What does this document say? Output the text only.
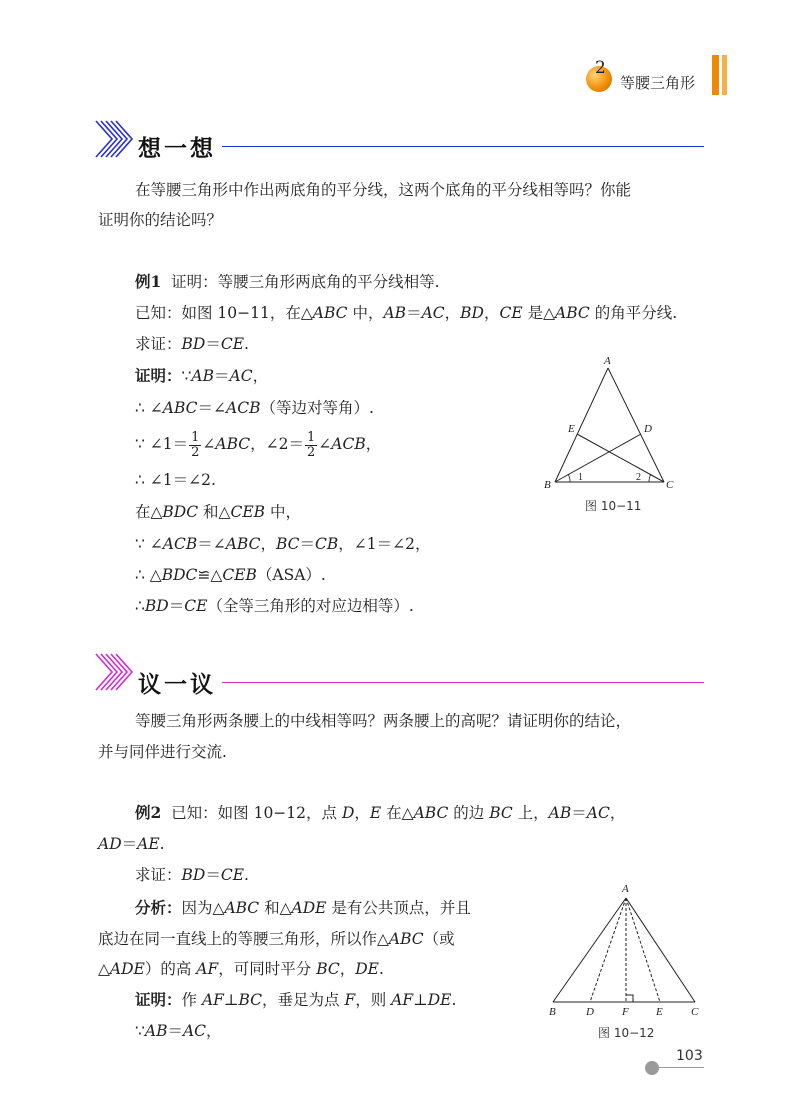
2
等腰三角形
想一想
在等腰三角形中作出两底角的平分线，这两个底角的平分线相等吗？你能
证明你的结论吗？
例1 证明：等腰三角形两底角的平分线相等.
已知：如图 10−11，在△ABC 中，AB＝AC，BD，CE 是△ABC 的角平分线.
求证：BD＝CE.
证明：∵AB＝AC，
∴ ∠ABC＝∠ACB（等边对等角）.
∵ ∠1＝ $\frac{1}{2}$ ∠ABC，∠2＝ $\frac{1}{2}$ ∠ACB，
∴ ∠1＝∠2.
在△BDC 和△CEB 中，
∵ ∠ACB＝∠ABC，BC＝CB，∠1＝∠2，
∴ △BDC≌△CEB（ASA）.
∴BD＝CE（全等三角形的对应边相等）.
A
B	C
D
E
1	2
图 10−11
议一议
等腰三角形两条腰上的中线相等吗？两条腰上的高呢？请证明你的结论，
并与同伴进行交流.
例2 已知：如图 10−12，点 D，E 在△ABC 的边 BC 上，AB＝AC，
AD＝AE.
求证：BD＝CE.
分析：因为△ABC 和△ADE 是有公共顶点，并且
底边在同一直线上的等腰三角形，所以作△ABC（或
△ADE）的高 AF，可同时平分 BC，DE.
证明：作 AF⊥BC，垂足为点 F，则 AF⊥DE.
∵AB＝AC，
A
B	D	F E	C
图 10−12
103
